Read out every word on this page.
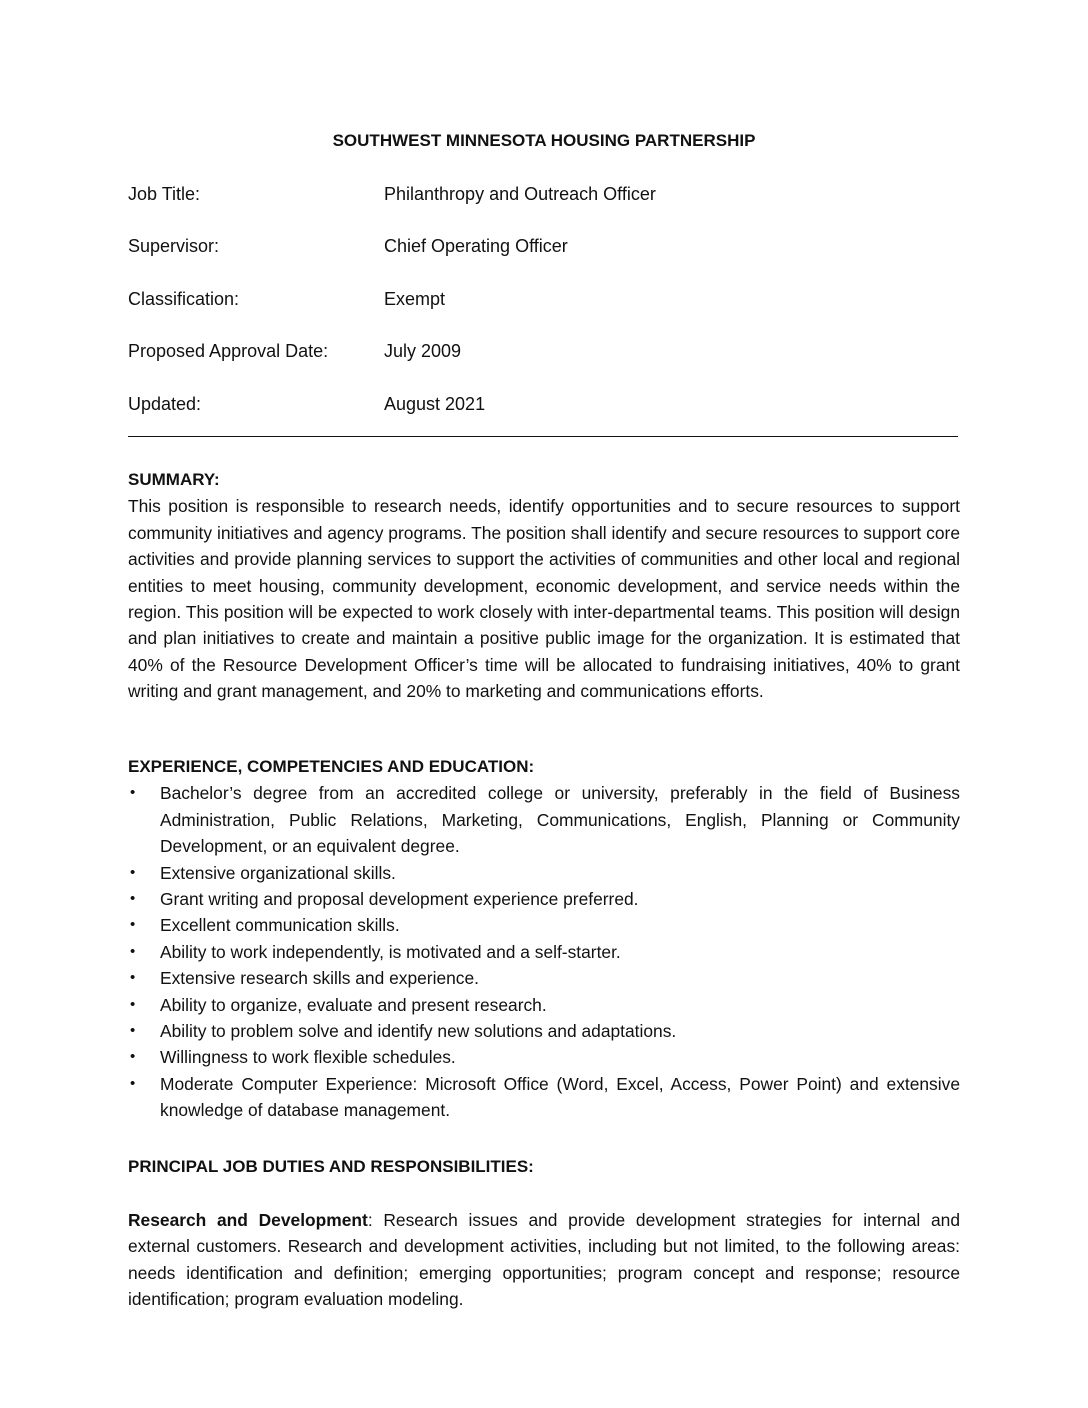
SOUTHWEST MINNESOTA HOUSING PARTNERSHIP
Job Title:	Philanthropy and Outreach Officer
Supervisor:	Chief Operating Officer
Classification:	Exempt
Proposed Approval Date:	July 2009
Updated:	August 2021

SUMMARY:

This position is responsible to research needs, identify opportunities and to secure resources to support community initiatives and agency programs. The position shall identify and secure resources to support core activities and provide planning services to support the activities of communities and other local and regional entities to meet housing, community development, economic development, and service needs within the region. This position will be expected to work closely with inter-departmental teams. This position will design and plan initiatives to create and maintain a positive public image for the organization. It is estimated that 40% of the Resource Development Officer’s time will be allocated to fundraising initiatives, 40% to grant writing and grant management, and 20% to marketing and communications efforts.

EXPERIENCE, COMPETENCIES AND EDUCATION:

• Bachelor’s degree from an accredited college or university, preferably in the field of Business Administration, Public Relations, Marketing, Communications, English, Planning or Community Development, or an equivalent degree.
• Extensive organizational skills.
• Grant writing and proposal development experience preferred.
• Excellent communication skills.
• Ability to work independently, is motivated and a self-starter.
• Extensive research skills and experience.
• Ability to organize, evaluate and present research.
• Ability to problem solve and identify new solutions and adaptations.
• Willingness to work flexible schedules.
• Moderate Computer Experience: Microsoft Office (Word, Excel, Access, Power Point) and extensive knowledge of database management.

PRINCIPAL JOB DUTIES AND RESPONSIBILITIES:

Research and Development: Research issues and provide development strategies for internal and external customers. Research and development activities, including but not limited, to the following areas: needs identification and definition; emerging opportunities; program concept and response; resource identification; program evaluation modeling.
